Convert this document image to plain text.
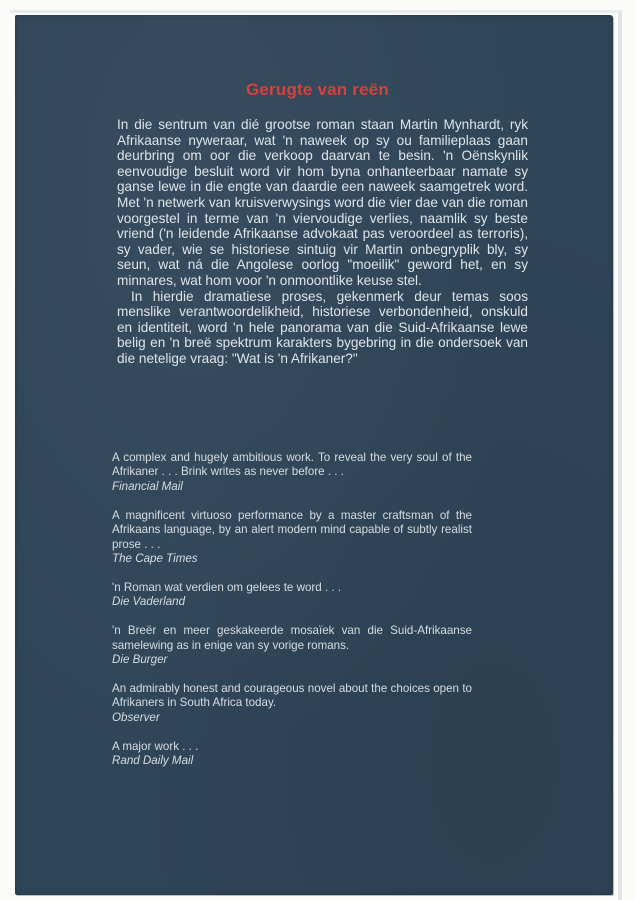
Gerugte van reën

In die sentrum van dié grootse roman staan Martin Mynhardt, ryk Afrikaanse nyweraar, wat 'n naweek op sy ou familieplaas gaan deurbring om oor die verkoop daarvan te besin. 'n Oënskynlik eenvoudige besluit word vir hom byna onhanteerbaar namate sy ganse lewe in die engte van daardie een naweek saamgetrek word. Met 'n netwerk van kruisverwysings word die vier dae van die roman voorgestel in terme van 'n viervoudige verlies, naamlik sy beste vriend ('n leidende Afrikaanse advokaat pas veroordeel as terroris), sy vader, wie se historiese sintuig vir Martin onbegryplik bly, sy seun, wat ná die Angolese oorlog "moeilik" geword het, en sy minnares, wat hom voor 'n onmoontlike keuse stel.

In hierdie dramatiese proses, gekenmerk deur temas soos menslike verantwoordelikheid, historiese verbondenheid, onskuld en identiteit, word 'n hele panorama van die Suid-Afrikaanse lewe belig en 'n breë spektrum karakters bygebring in die ondersoek van die netelige vraag: "Wat is 'n Afrikaner?"

A complex and hugely ambitious work. To reveal the very soul of the Afrikaner . . . Brink writes as never before . . .
Financial Mail
A magnificent virtuoso performance by a master craftsman of the Afrikaans language, by an alert modern mind capable of subtly realist prose . . .
The Cape Times
'n Roman wat verdien om gelees te word . . .
Die Vaderland
'n Breër en meer geskakeerde mosaïek van die Suid-Afrikaanse samelewing as in enige van sy vorige romans.
Die Burger
An admirably honest and courageous novel about the choices open to Afrikaners in South Africa today.
Observer
A major work . . .
Rand Daily Mail
